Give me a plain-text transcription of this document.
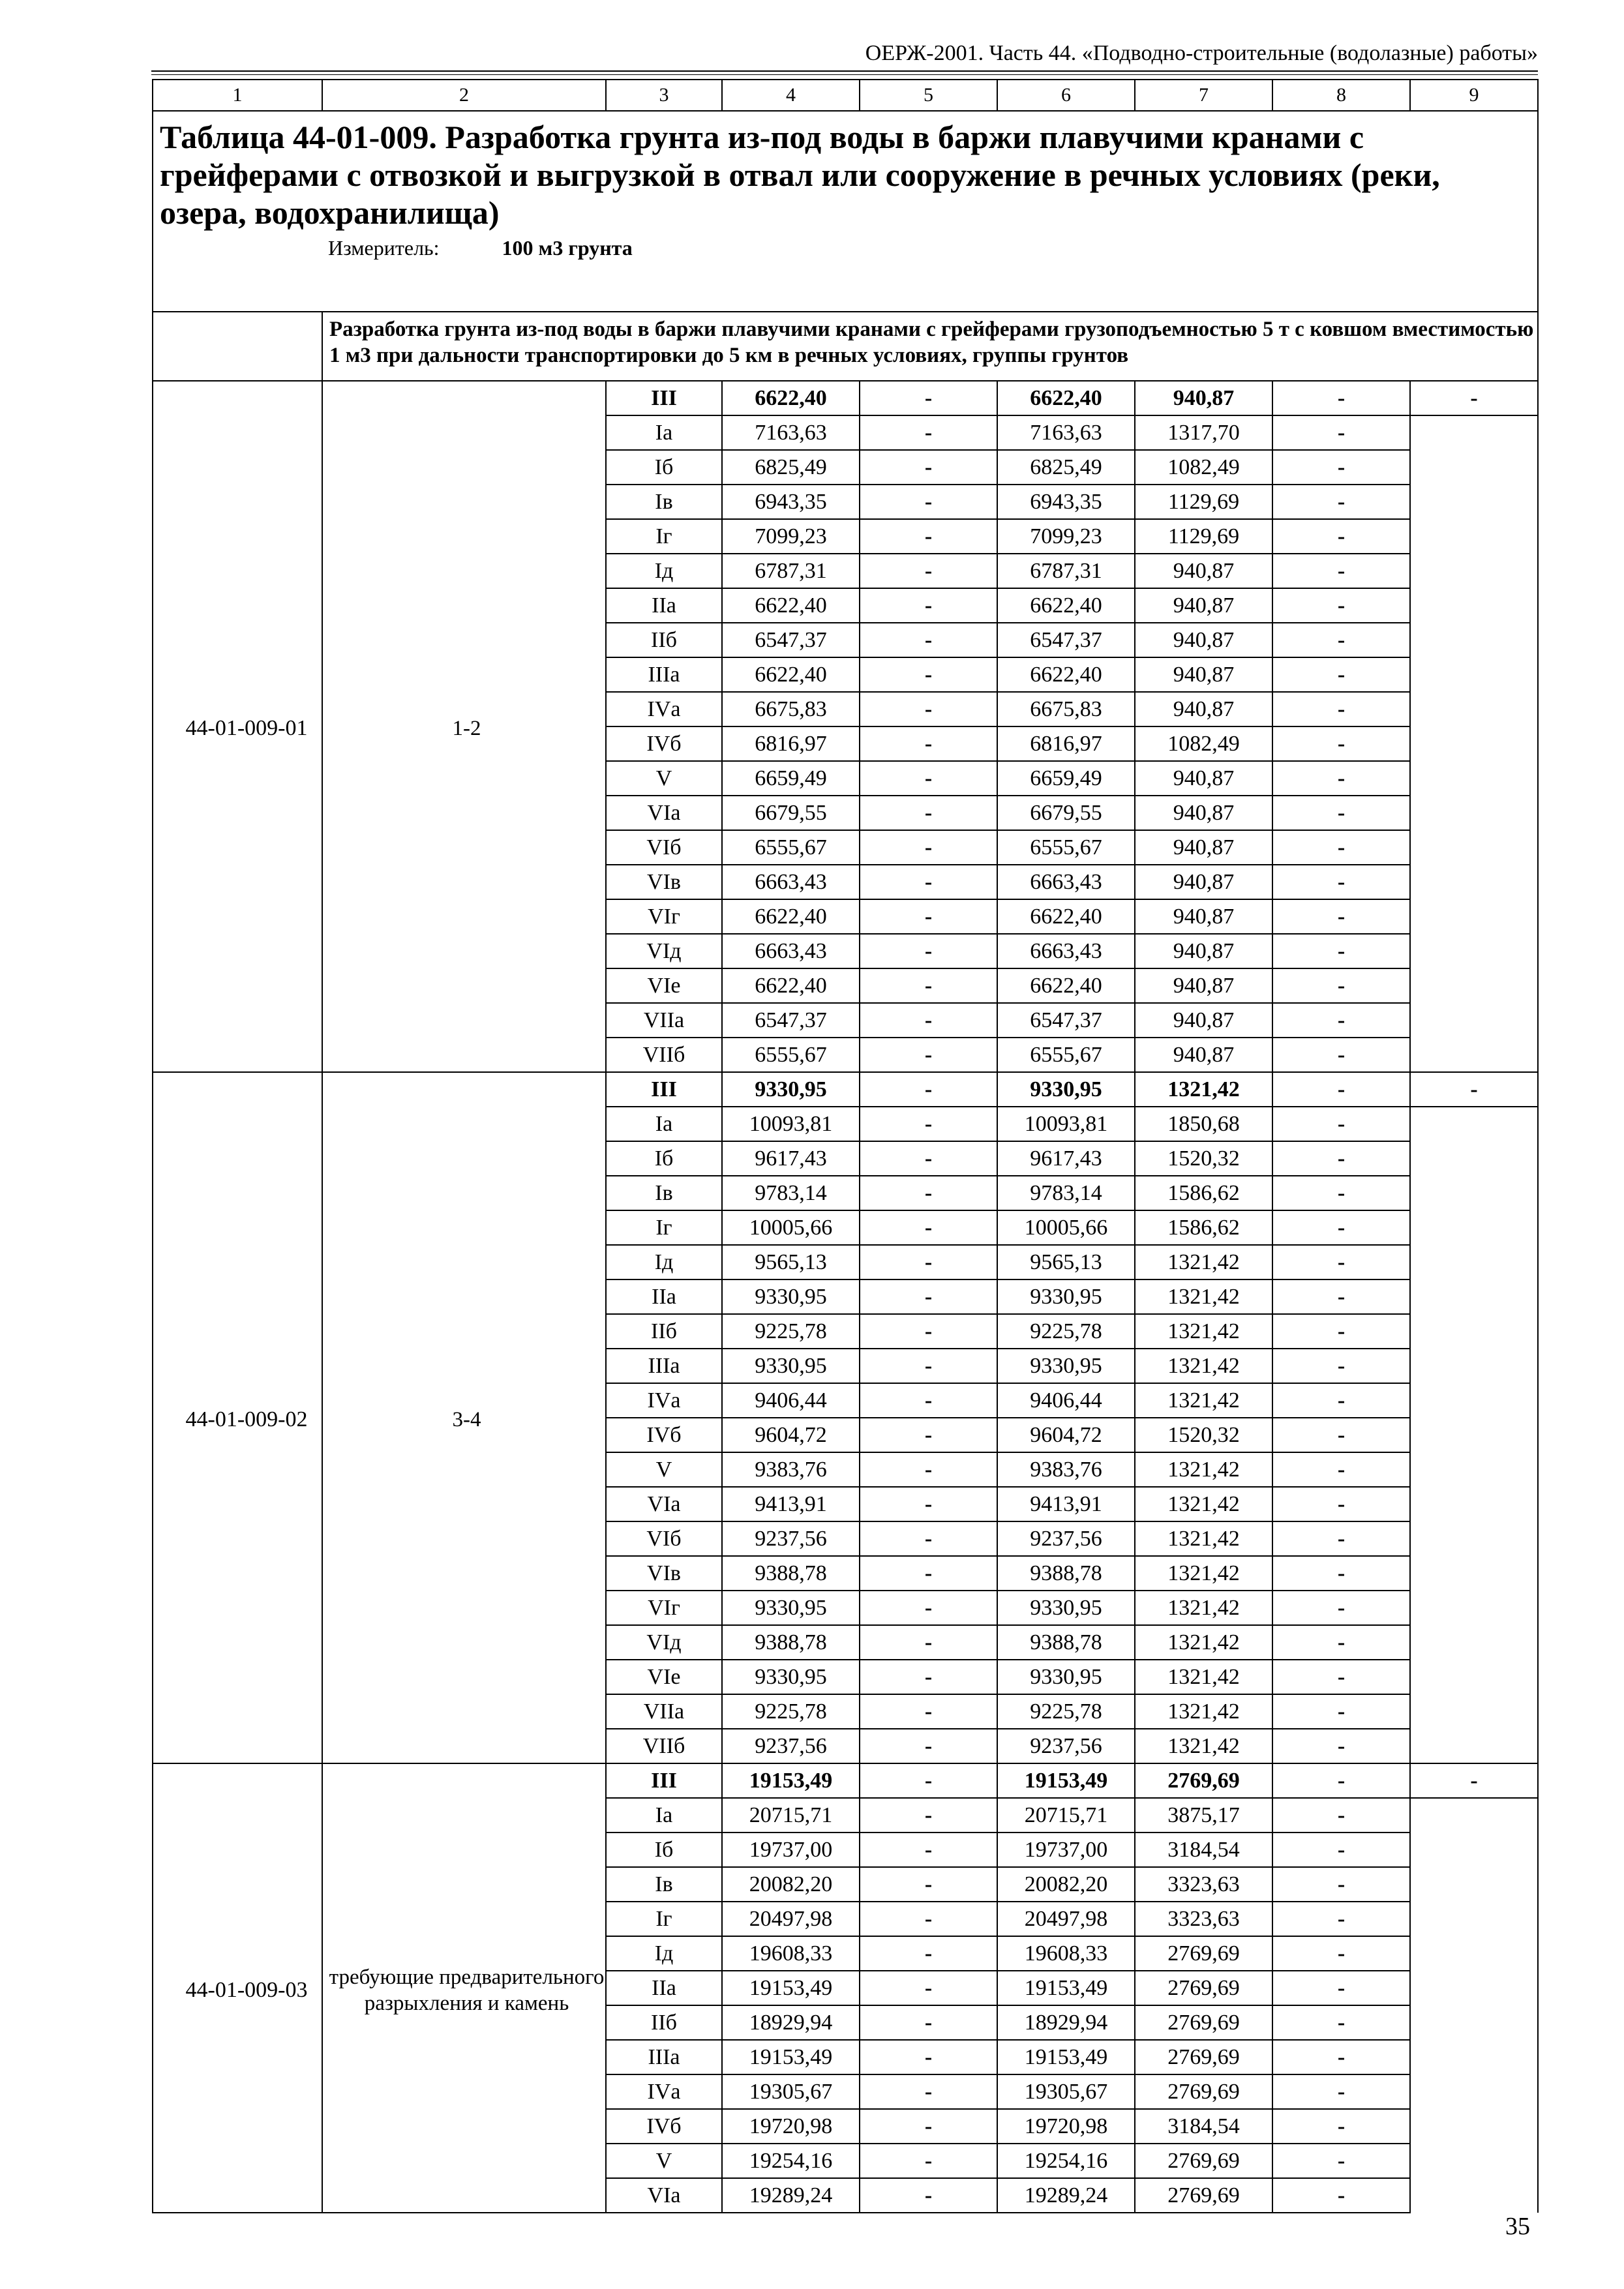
ОЕРЖ-2001. Часть 44. «Подводно-строительные (водолазные) работы»
1	2	3	4	5	6	7	8	9

Таблица 44-01-009. Разработка грунта из-под воды в баржи плавучими кранами с грейферами с отвозкой и выгрузкой в отвал или сооружение в речных условиях (реки, озера, водохранилища)
Измеритель: 100 м3 грунта								

	Разработка грунта из-под воды в баржи плавучими кранами с грейферами грузоподъемностью 5 т с ковшом вместимостью 1 м3 при дальности транспортировки до 5 км в речных условиях, группы грунтов							
44-01-009-01	1-2	III	6622,40	-	6622,40	940,87	-	-
		Iа	7163,63	-	7163,63	1317,70	-	
		Iб	6825,49	-	6825,49	1082,49	-	
		Iв	6943,35	-	6943,35	1129,69	-	
		Iг	7099,23	-	7099,23	1129,69	-	
		Iд	6787,31	-	6787,31	940,87	-	
		IIа	6622,40	-	6622,40	940,87	-	
		IIб	6547,37	-	6547,37	940,87	-	
		IIIа	6622,40	-	6622,40	940,87	-	
		IVа	6675,83	-	6675,83	940,87	-	
		IVб	6816,97	-	6816,97	1082,49	-	
		V	6659,49	-	6659,49	940,87	-	
		VIа	6679,55	-	6679,55	940,87	-	
		VIб	6555,67	-	6555,67	940,87	-	
		VIв	6663,43	-	6663,43	940,87	-	
		VIг	6622,40	-	6622,40	940,87	-	
		VIд	6663,43	-	6663,43	940,87	-	
		VIе	6622,40	-	6622,40	940,87	-	
		VIIа	6547,37	-	6547,37	940,87	-	
		VIIб	6555,67	-	6555,67	940,87	-	
44-01-009-02	3-4	III	9330,95	-	9330,95	1321,42	-	-
		Iа	10093,81	-	10093,81	1850,68	-	
		Iб	9617,43	-	9617,43	1520,32	-	
		Iв	9783,14	-	9783,14	1586,62	-	
		Iг	10005,66	-	10005,66	1586,62	-	
		Iд	9565,13	-	9565,13	1321,42	-	
		IIа	9330,95	-	9330,95	1321,42	-	
		IIб	9225,78	-	9225,78	1321,42	-	
		IIIа	9330,95	-	9330,95	1321,42	-	
		IVа	9406,44	-	9406,44	1321,42	-	
		IVб	9604,72	-	9604,72	1520,32	-	
		V	9383,76	-	9383,76	1321,42	-	
		VIа	9413,91	-	9413,91	1321,42	-	
		VIб	9237,56	-	9237,56	1321,42	-	
		VIв	9388,78	-	9388,78	1321,42	-	
		VIг	9330,95	-	9330,95	1321,42	-	
		VIд	9388,78	-	9388,78	1321,42	-	
		VIе	9330,95	-	9330,95	1321,42	-	
		VIIа	9225,78	-	9225,78	1321,42	-	
		VIIб	9237,56	-	9237,56	1321,42	-	
44-01-009-03	требующие предварительного разрыхления и камень	III	19153,49	-	19153,49	2769,69	-	-
		Iа	20715,71	-	20715,71	3875,17	-	
		Iб	19737,00	-	19737,00	3184,54	-	
		Iв	20082,20	-	20082,20	3323,63	-	
		Iг	20497,98	-	20497,98	3323,63	-	
		Iд	19608,33	-	19608,33	2769,69	-	
		IIа	19153,49	-	19153,49	2769,69	-	
		IIб	18929,94	-	18929,94	2769,69	-	
		IIIа	19153,49	-	19153,49	2769,69	-	
		IVа	19305,67	-	19305,67	2769,69	-	
		IVб	19720,98	-	19720,98	3184,54	-	
		V	19254,16	-	19254,16	2769,69	-	
		VIа	19289,24	-	19289,24	2769,69	-	
35
